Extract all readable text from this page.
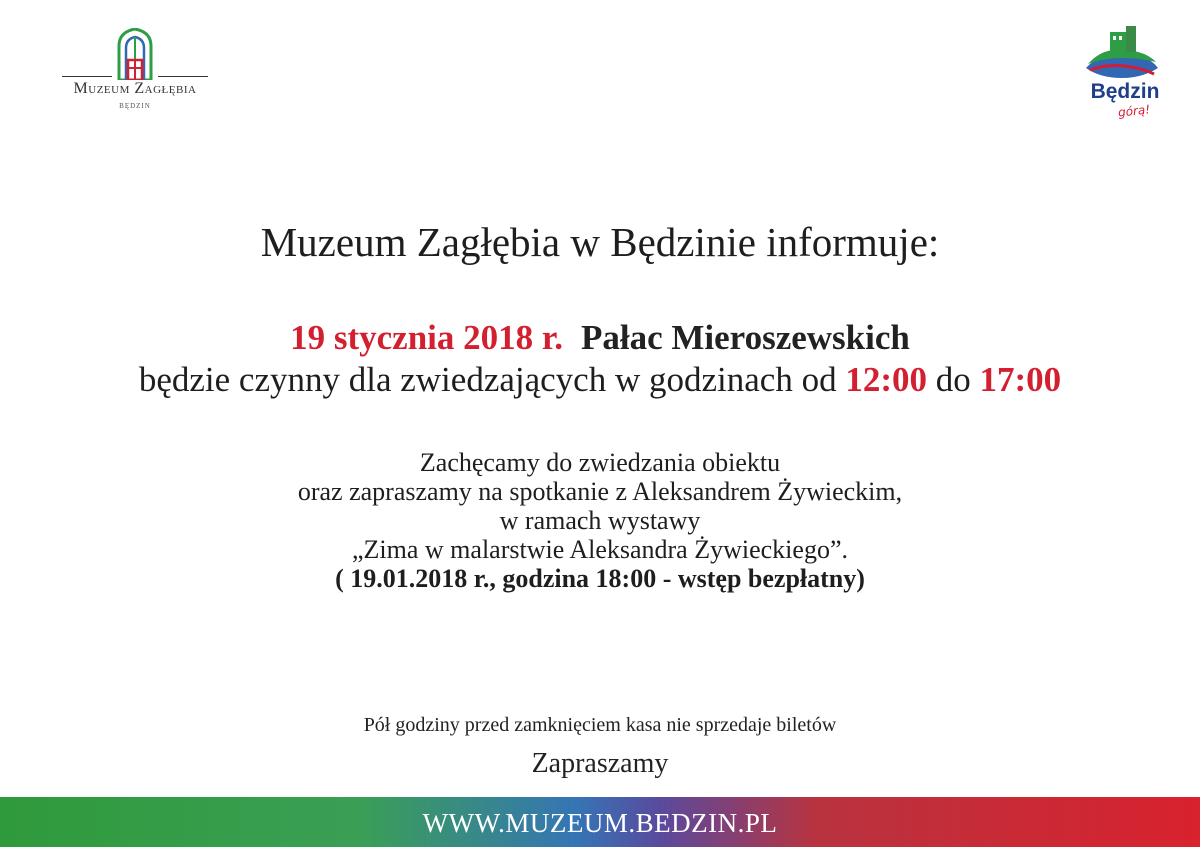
Muzeum Zagłębia
BĘDZIN
Będzin
górą!
Muzeum Zagłębia w Będzinie informuje:
19 stycznia 2018 r. Pałac Mieroszewskich
będzie czynny dla zwiedzających w godzinach od 12:00 do 17:00
Zachęcamy do zwiedzania obiektu
oraz zapraszamy na spotkanie z Aleksandrem Żywieckim,
w ramach wystawy
„Zima w malarstwie Aleksandra Żywieckiego”.
( 19.01.2018 r., godzina 18:00 - wstęp bezpłatny)
Pół godziny przed zamknięciem kasa nie sprzedaje biletów
Zapraszamy
WWW.MUZEUM.BEDZIN.PL
